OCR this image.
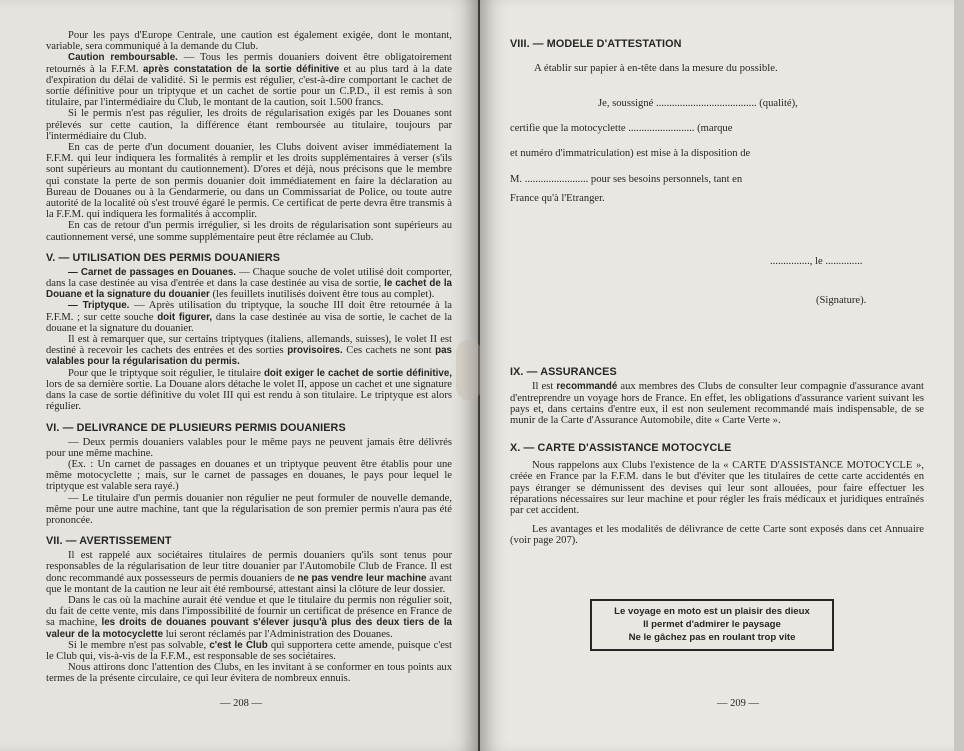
Pour les pays d'Europe Centrale, une caution est également exigée, dont le montant, variable, sera communiqué à la demande du Club.

Caution remboursable. — Tous les permis douaniers doivent être obligatoirement retournés à la F.F.M. après constatation de la sortie définitive et au plus tard à la date d'expiration du délai de validité. Si le permis est régulier, c'est-à-dire comportant le cachet de sortie définitive pour un triptyque et un cachet de sortie pour un C.P.D., il est remis à son titulaire, par l'intermédiaire du Club, le montant de la caution, soit 1.500 francs.

Si le permis n'est pas régulier, les droits de régularisation exigés par les Douanes sont prélevés sur cette caution, la différence étant remboursée au titulaire, toujours par l'intermédiaire du Club.

En cas de perte d'un document douanier, les Clubs doivent aviser immédiatement la F.F.M. qui leur indiquera les formalités à remplir et les droits supplémentaires à verser (s'ils sont supérieurs au montant du cautionnement). D'ores et déjà, nous précisons que le membre qui constate la perte de son permis douanier doit immédiatement en faire la déclaration au Bureau de Douanes ou à la Gendarmerie, ou dans un Commissariat de Police, ou toute autre autorité de la localité où s'est trouvé égaré le permis. Ce certificat de perte devra être transmis à la F.F.M. qui indiquera les formalités à accomplir.

En cas de retour d'un permis irrégulier, si les droits de régularisation sont supérieurs au cautionnement versé, une somme supplémentaire peut être réclamée au Club.

V. — UTILISATION DES PERMIS DOUANIERS

— Carnet de passages en Douanes. — Chaque souche de volet utilisé doit comporter, dans la case destinée au visa d'entrée et dans la case destinée au visa de sortie, le cachet de la Douane et la signature du douanier (les feuillets inutilisés doivent être tous au complet).

— Triptyque. — Après utilisation du triptyque, la souche III doit être retournée à la F.F.M. ; sur cette souche doit figurer, dans la case destinée au visa de sortie, le cachet de la douane et la signature du douanier.

Il est à remarquer que, sur certains triptyques (italiens, allemands, suisses), le volet II est destiné à recevoir les cachets des entrées et des sorties provisoires. Ces cachets ne sont pas valables pour la régularisation du permis.

Pour que le triptyque soit régulier, le titulaire doit exiger le cachet de sortie définitive, lors de sa dernière sortie. La Douane alors détache le volet II, appose un cachet et une signature dans la case de sortie définitive du volet III qui est rendu à son titulaire. Le triptyque est alors régulier.

VI. — DELIVRANCE DE PLUSIEURS PERMIS DOUANIERS

— Deux permis douaniers valables pour le même pays ne peuvent jamais être délivrés pour une même machine.

(Ex. : Un carnet de passages en douanes et un triptyque peuvent être établis pour une même motocyclette ; mais, sur le carnet de passages en douanes, le pays pour lequel le triptyque est valable sera rayé.)

— Le titulaire d'un permis douanier non régulier ne peut formuler de nouvelle demande, même pour une autre machine, tant que la régularisation de son premier permis n'aura pas été prononcée.

VII. — AVERTISSEMENT

Il est rappelé aux sociétaires titulaires de permis douaniers qu'ils sont tenus pour responsables de la régularisation de leur titre douanier par l'Automobile Club de France. Il est donc recommandé aux possesseurs de permis douaniers de ne pas vendre leur machine avant que le montant de la caution ne leur ait été remboursé, attestant ainsi la clôture de leur dossier.

Dans le cas où la machine aurait été vendue et que le titulaire du permis non régulier soit, du fait de cette vente, mis dans l'impossibilité de fournir un certificat de présence en France de sa machine, les droits de douanes pouvant s'élever jusqu'à plus des deux tiers de la valeur de la motocyclette lui seront réclamés par l'Administration des Douanes.

Si le membre n'est pas solvable, c'est le Club qui supportera cette amende, puisque c'est le Club qui, vis-à-vis de la F.F.M., est responsable de ses sociétaires.

Nous attirons donc l'attention des Clubs, en les invitant à se conformer en tous points aux termes de la présente circulaire, ce qui leur évitera de nombreux ennuis.

— 208 —
VIII. — MODELE D'ATTESTATION

A établir sur papier à en-tête dans la mesure du possible.

Je, soussigné ...................................... (qualité),

certifie que la motocyclette ......................... (marque

et numéro d'immatriculation) est mise à la disposition de

M. ........................ pour ses besoins personnels, tant en

France qu'à l'Etranger.

..............., le ..............

(Signature).

IX. — ASSURANCES

Il est recommandé aux membres des Clubs de consulter leur compagnie d'assurance avant d'entreprendre un voyage hors de France. En effet, les obligations d'assurance varient suivant les pays et, dans certains d'entre eux, il est non seulement recommandé mais indispensable, de se munir de la Carte d'Assurance Automobile, dite « Carte Verte ».

X. — CARTE D'ASSISTANCE MOTOCYCLE

Nous rappelons aux Clubs l'existence de la « CARTE D'ASSISTANCE MOTOCYCLE », créée en France par la F.F.M. dans le but d'éviter que les titulaires de cette carte accidentés en pays étranger se démunissent des devises qui leur sont allouées, pour faire effectuer les réparations nécessaires sur leur machine et pour régler les frais médicaux et juridiques entraînés par cet accident.

Les avantages et les modalités de délivrance de cette Carte sont exposés dans cet Annuaire (voir page 207).

Le voyage en moto est un plaisir des dieux
Il permet d'admirer le paysage
Ne le gâchez pas en roulant trop vite
— 209 —
